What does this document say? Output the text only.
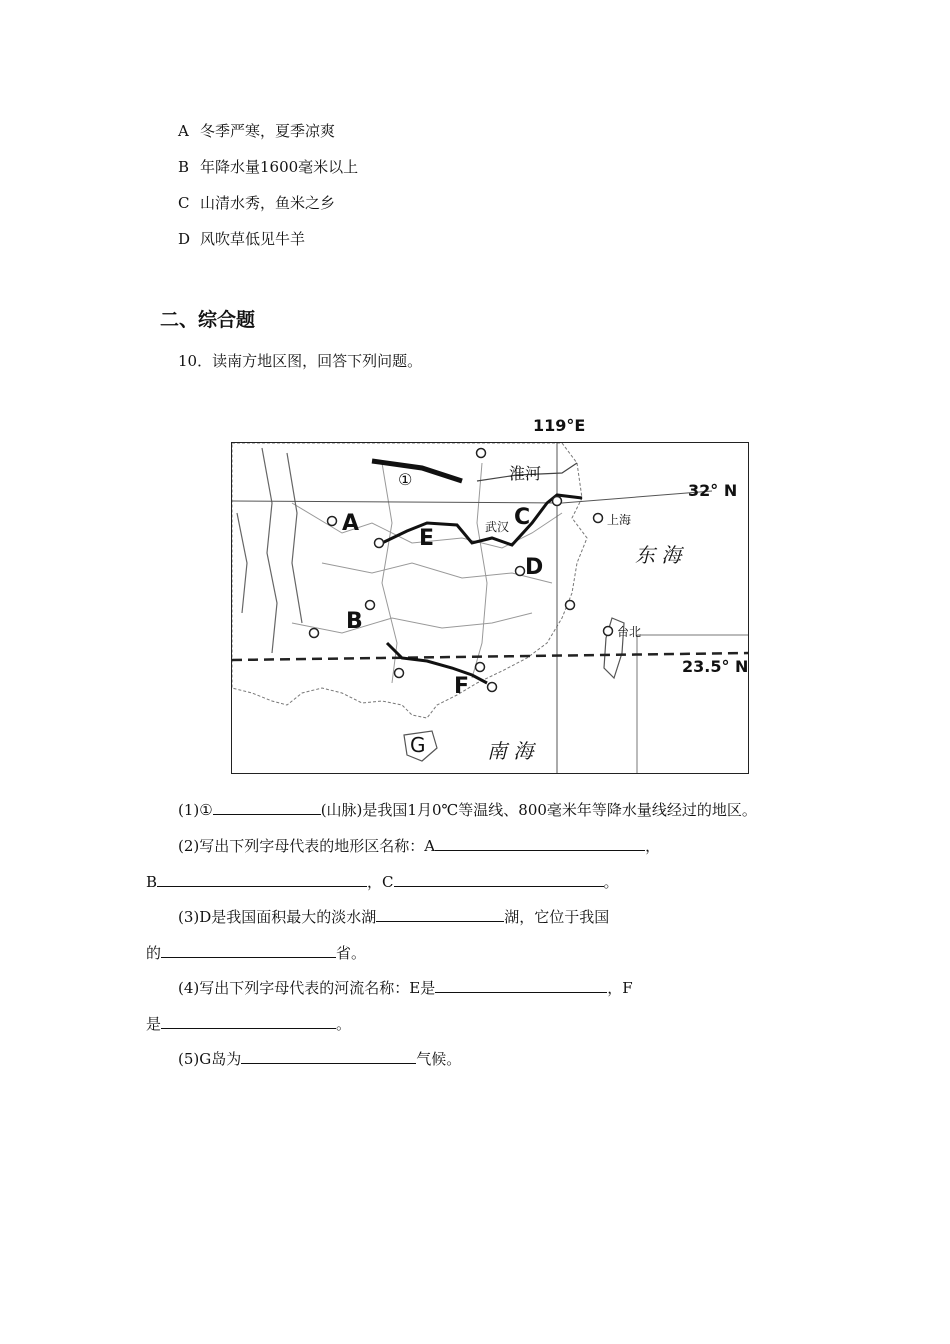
A 冬季严寒，夏季凉爽
B 年降水量1600毫米以上
C 山清水秀，鱼米之乡
D 风吹草低见牛羊
二、综合题
10．读南方地区图，回答下列问题。
119°E
淮河
①
32° N
A
E	武汉 C	上海
东 海
D
B	台北
23.5° N
F
G	南 海
(1)①	(山脉)是我国1月0℃等温线、800毫米年等降水量线经过的地区。
(2)写出下列字母代表的地形区名称：A	，
B	，C	。
(3)D是我国面积最大的淡水湖	湖，它位于我国
的	省。
(4)写出下列字母代表的河流名称：E是	，F
是	。
(5)G岛为	气候。
